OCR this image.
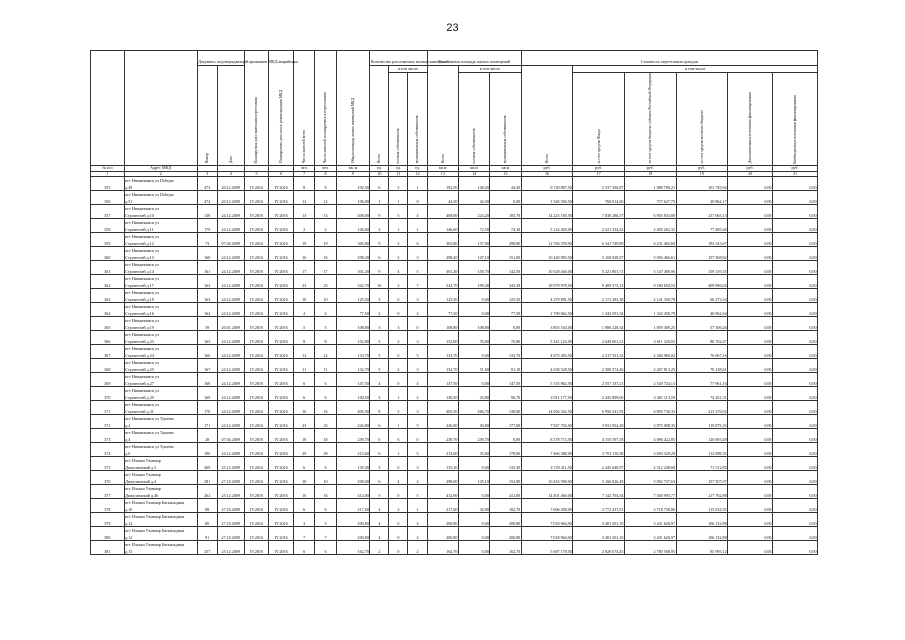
23
		Документ, подтверждающий признание МКД аварийным		Планируемая дата окончания переселения	Планируемая дата сноса/ реконструкции МКД	Число жителей всего	Число жителей, планируемых к переселению	Общая площадь жилых помещений МКД	Количество расселяемых жилых помещений			Расселяемая площадь жилых помещений			Стоимость переселения граждан					
		Номер	Дата						Всего	в том числе		Всего	в том числе		Всего	в том числе				
										частная собственность	муниципальная собственность		частная собственность	муниципальная собственность		за счет средств Фонда	за счет средств бюджета субъекта Российской Федерации	за счет средств местного бюджета	Дополнительные источники финансирования	Внебюджетные источники финансирования
№ п/п	Адрес МКД					чел.	чел.	кв. м	ед.	ед.	ед.	кв.м	кв.м	кв.м	руб.	руб.	руб.	руб.	руб.	руб.
1	2	3	4	5	6	7	8	9	10	11	12	13	14	15	16	17	18	19	20	21
	пгт Нижнекамск ул Победы																			
355	д.49	473	20.12.2009	IV.2016	IV.2016	8	8	192,50	6	5	1	192,50	148,20	44,30	6 720 887,50	5 537 396,87	1 080 780,21	101 745,92	0,00	0,00
	пгт Нижнекамск ул Победы																			
356	д.51	474	20.12.2009	IV.2016	IV.2016	12	12	106,00	1	1	0	44,30	44,30	0,00	1 546 506,50	768 014,60	757 627,75	20 864,17	0,00	0,00
	пгт Нижнекамск ул																			
357	Строителей д.10	138	24.12.2009	IV.2016	IV.2016	13	13	408,00	9	5	4	408,00	224,20	183,70	14 223 185,50	7 030 286,57	6 955 833,80	237 065,13	0,00	0,00
	пгт Нижнекамск ул																			
358	Строителей д.11	179	24.12.2009	IV.2016	IV.2016	2	2	146,60	2	1	1	146,60	72,50	74,10	5 124 405,00	2 521 334,22	2 405 262,32	77 485,46	0,00	0,00
	пгт Нижнекамск ул																			
359	Строителей д.12	73	07.04.2009	IV.2016	IV.2016	19	19	365,80	9	3	6	365,80	137,00	298,80	12 766 559,00	6 341 749,89	6 231 465,60	193 343,67	0,00	0,00
	пгт Нижнекамск ул																			
360	Строителей д.13	160	24.12.2009	IV.2016	IV.2016	16	16	298,20	6	3	3	298,20	147,10	151,00	10 420 983,50	5 168 038,07	5 094 466,61	157 568,82	0,00	0,00
	пгт Нижнекамск ул																			
361	Строителей д.14	161	24.12.2009	IV.2016	IV.2016	17	17	301,20	9	4	5	301,20	158,70	142,50	10 528 446,00	5 221 801,71	5 147 490,96	159 159,35	0,00	0,00
	пгт Нижнекамск ул																			
362	Строителей д.17	162	24.12.2009	IV.2016	IV.2016	23	23	542,70	10	3	7	542,70	199,40	343,30	18 979 978,50	9 409 575,13	9 180 650,53	409 896,04	0,00	0,00
	пгт Нижнекамск ул																			
363	Строителей д.18	163	24.12.2009	IV.2016	IV.2016	10	10	125,50	3	0	3	125,50	0,00	125,50	4 379 881,50	2 172 283,38	2 141 330,78	66 273,34	0,00	0,00
	пгт Нижнекамск ул																			
364	Строителей д.16	164	24.12.2009	IV.2016	IV.2016	4	4	77,50	2	0	2	77,50	0,00	77,50	2 709 062,50	1 343 591,34	1 324 458,78	40 962,64	0,00	0,00
	пгт Нижнекамск ул																			
365	Строителей д.19	39	20.01.2009	IV.2016	IV.2016	5	5	108,80	3	3	0	108,80	108,80	0,00	3 803 104,00	1 886 228,34	1 859 369,25	57 506,26	0,00	0,00
	пгт Нижнекамск ул																			
366	Строителей д.23	165	24.12.2009	IV.2016	IV.2016	8	8	152,80	5	2	3	152,80	76,00	76,80	5 341 124,00	2 649 061,31	2 611 320,02	80 762,47	0,00	0,00
	пгт Нижнекамск ул																			
367	Строителей д.24	166	24.12.2009	IV.2016	IV.2016	12	12	133,70	5	0	5	133,70	0,00	133,70	4 673 483,50	2 317 911,32	2 284 960,02	70 667,16	0,00	0,00
	пгт Нижнекамск ул																			
368	Строителей д.25	167	24.12.2009	IV.2016	IV.2016	11	11	132,70	5	2	3	132,70	51,60	81,10	4 638 528,50	2 300 574,46	2 267 813,25	70 138,61	0,00	0,00
	пгт Нижнекамск ул																			
369	Строителей д.27	168	24.12.2009	IV.2016	IV.2016	6	6	147,50	4	0	4	147,50	0,00	147,50	5 155 862,50	2 557 137,21	2 520 724,13	77 961,16	0,00	0,00
	пгт Нижнекамск ул																			
370	Строителей д.29	169	24.12.2009	IV.2016	IV.2016	6	6	140,50	3	1	2	140,50	43,80	96,70	4 911 177,50	2 435 899,60	2 401 113,59	74 261,31	0,00	0,00
	пгт Нижнекамск ул																			
371	Строителей д.31	170	24.12.2009	IV.2016	IV.2016	16	16	405,50	8	5	3	405,50	266,70	138,80	14 004 342,50	6 956 541,95	6 893 730,33	213 276,02	0,00	0,00
	пгт Нижнекамск ул Тукаева																			
372	д.2	171	24.12.2009	IV.2016	IV.2016	23	23	226,80	6	1	5	226,80	49,80	177,00	7 927 794,00	3 931 934,28	3 875 908,35	119 875,33	0,00	0,00
	пгт Нижнекамск ул Тукаева																			
373	д.4	28	07.04.2009	IV.2016	IV.2016	18	18	239,70	6	6	0	239,70	239,70	0,00	8 378 713,50	4 155 597,18	4 096 422,85	126 693,49	0,00	0,00
	пгт Нижнекамск ул Тукаева																			
374	д.6	196	24.12.2009	IV.2016	IV.2016	29	29	213,60	6	1	5	213,60	35,60	178,00	7 466 388,00	3 703 110,38	3 650 329,29	112 898,35	0,00	0,00
	пгт Ильыш Уамьчир																			
375	Дижулимский д.3	269	25.12.2009	IV.2016	IV.2016	6	6	135,30	3	0	3	135,30	0,00	135,30	4 729 411,50	2 345 640,97	2 312 248,68	71 512,85	0,00	0,00
	пгт Ильыш Уамьчир																			
376	Дижулимский д.4	281	27.10.2009	IV.2016	IV.2016	10	10	298,00	6	4	2	298,00	145,10	152,90	10 416 590,00	5 166 826,49	5 092 737,63	157 507,07	0,00	0,00
	пгт Ильыш Уамьчир																			
377	Дижулимский д.46	262	25.12.2009	IV.2016	IV.2016	16	16	412,00	5	0	5	412,00	0,00	412,00	14 401 460,00	7 142 703,34	7 040 993,77	217 762,88	0,00	0,00
	пгт Ильыш Уамьчир Бяткильдина																			
378	д.10	88	27.10.2009	IV.2016	IV.2016	6	6	217,60	4	3	1	217,60	34,90	182,70	7 606 208,00	3 772 437,01	3 718 738,86	115 032,55	0,00	0,00
	пгт Ильыш Уамьчир Бяткильдина																			
379	д.12	80	27.10.2009	IV.2016	IV.2016	3	3	200,80	4	0	4	200,80	0,00	200,80	7 018 964,00	3 481 201,10	3 431 620,97	106 132,88	0,00	0,00
	пгт Ильыш Уамьчир Бяткильдина																			
380	д.12	91	27.10.2009	IV.2016	IV.2016	7	7	200,80	4	0	4	200,80	0,00	200,80	7 018 964,00	3 481 201,10	3 431 620,97	106 132,88	0,00	0,00
	пгт Ильыш Уамьчир Бяткильдина																			
381	д.15	257	25.12.2009	IV.2016	IV.2016	6	6	162,70	2	0	2	162,70	0,00	162,70	5 687 178,50	2 820 674,45	2 780 508,95	85 995,12	0,00	0,00
